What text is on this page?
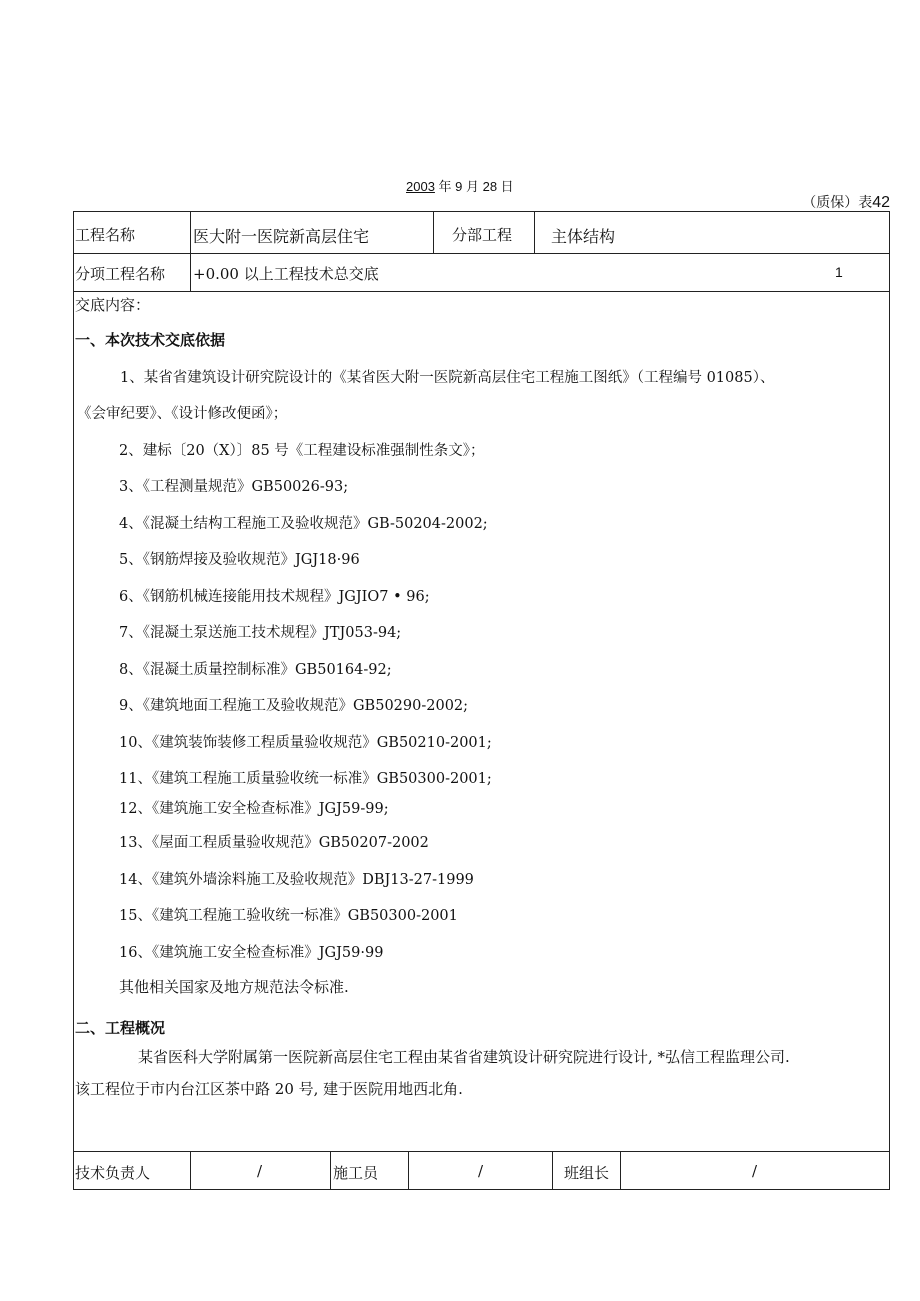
2003 年 9 月 28 日
（质保）表42
工程名称	医大附一医院新高层住宅	分部工程 主体结构
分项工程名称 +0.00 以上工程技术总交底	1
交底内容：
一、本次技术交底依据
1、某省省建筑设计研究院设计的《某省医大附一医院新高层住宅工程施工图纸》（工程编号 01085）、
《会审纪要》、《设计修改便函》；
2、建标〔20（X）〕85 号《工程建设标准强制性条文》；
3、《工程测量规范》GB50026-93;
4、《混凝土结构工程施工及验收规范》GB-50204-2002;
5、《钢筋焊接及验收规范》JGJ18·96
6、《钢筋机械连接能用技术规程》JGJIO7 • 96;
7、《混凝土泵送施工技术规程》JTJ053-94;
8、《混凝土质量控制标准》GB50164-92;
9、《建筑地面工程施工及验收规范》GB50290-2002;
10、《建筑装饰装修工程质量验收规范》GB50210-2001;
11、《建筑工程施工质量验收统一标准》GB50300-2001;
12、《建筑施工安全检查标准》JGJ59-99;
13、《屋面工程质量验收规范》GB50207-2002
14、《建筑外墙涂料施工及验收规范》DBJ13-27-1999
15、《建筑工程施工验收统一标准》GB50300-2001
16、《建筑施工安全检查标准》JGJ59·99
其他相关国家及地方规范法令标准.
二、工程概况
某省医科大学附属第一医院新高层住宅工程由某省省建筑设计研究院进行设计, *弘信工程监理公司.
该工程位于市内台江区茶中路 20 号, 建于医院用地西北角.
技术负责人	/	施工员	/	班组长	/
